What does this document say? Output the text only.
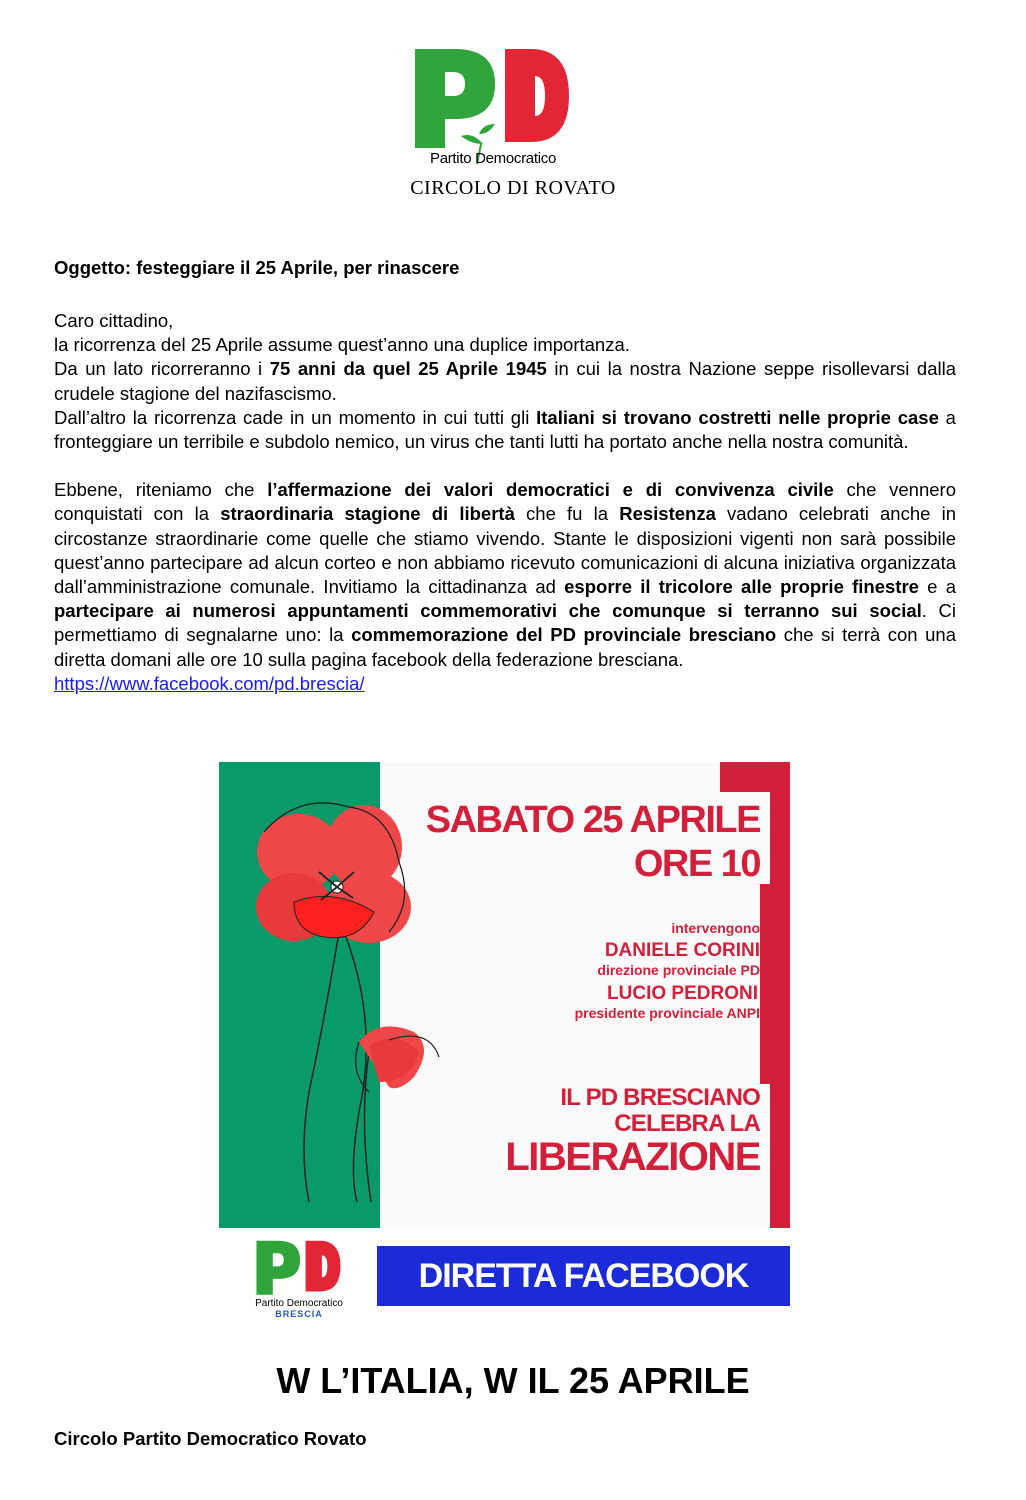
Partito Democratico
CIRCOLO DI ROVATO
Oggetto: festeggiare il 25 Aprile, per rinascere

Caro cittadino,

la ricorrenza del 25 Aprile assume quest’anno una duplice importanza.

Da un lato ricorreranno i 75 anni da quel 25 Aprile 1945 in cui la nostra Nazione seppe risollevarsi dalla crudele stagione del nazifascismo.

Dall’altro la ricorrenza cade in un momento in cui tutti gli Italiani si trovano costretti nelle proprie case a fronteggiare un terribile e subdolo nemico, un virus che tanti lutti ha portato anche nella nostra comunità.

Ebbene, riteniamo che l’affermazione dei valori democratici e di convivenza civile che vennero conquistati con la straordinaria stagione di libertà che fu la Resistenza vadano celebrati anche in circostanze straordinarie come quelle che stiamo vivendo. Stante le disposizioni vigenti non sarà possibile quest’anno partecipare ad alcun corteo e non abbiamo ricevuto comunicazioni di alcuna iniziativa organizzata dall’amministrazione comunale. Invitiamo la cittadinanza ad esporre il tricolore alle proprie finestre e a partecipare ai numerosi appuntamenti commemorativi che comunque si terranno sui social. Ci permettiamo di segnalarne uno: la commemorazione del PD provinciale bresciano che si terrà con una diretta domani alle ore 10 sulla pagina facebook della federazione bresciana.

https://www.facebook.com/pd.brescia/

SABATO 25 APRILE
ORE 10
intervengono
DANIELE CORINI
direzione provinciale PD
LUCIO PEDRONI
presidente provinciale ANPI
IL PD BRESCIANO
CELEBRA LA
LIBERAZIONE
Partito Democratico
BRESCIA
DIRETTA FACEBOOK
W L’ITALIA, W IL 25 APRILE
Circolo Partito Democratico Rovato
